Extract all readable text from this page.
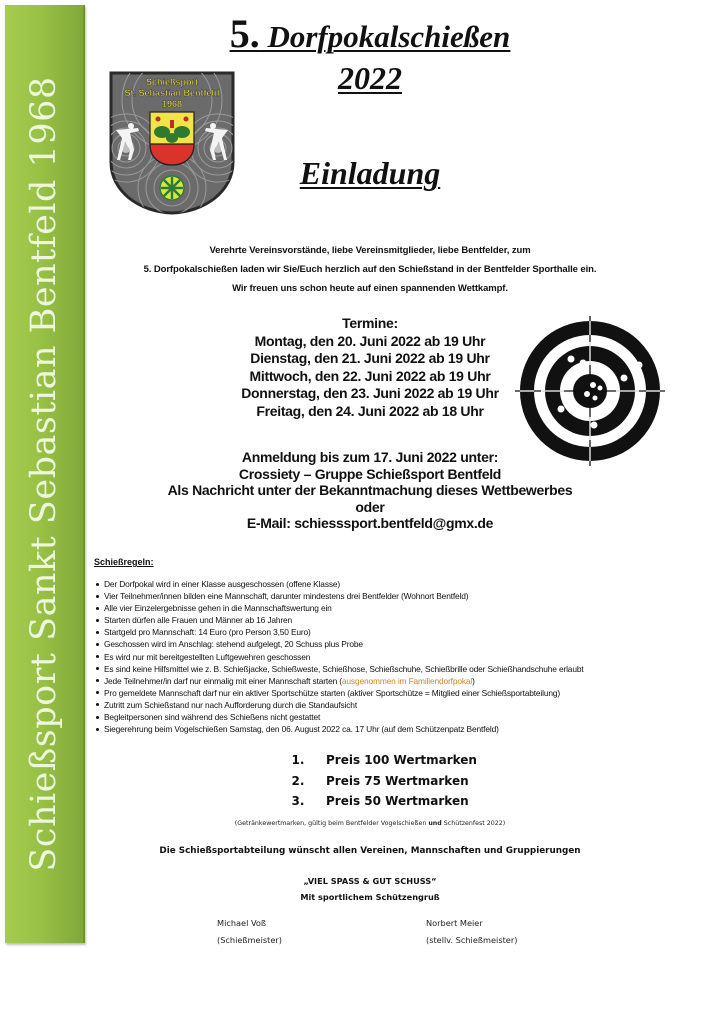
Schießsport Sankt Sebastian Bentfeld 1968
5. Dorfpokalschießen
2022
Einladung
Schießsport
St. Sebastian Bentfeld
1968
Verehrte Vereinsvorstände, liebe Vereinsmitglieder, liebe Bentfelder, zum
5. Dorfpokalschießen laden wir Sie/Euch herzlich auf den Schießstand in der Bentfelder Sporthalle ein.
Wir freuen uns schon heute auf einen spannenden Wettkampf.
Termine:
Montag, den 20. Juni 2022 ab 19 Uhr
Dienstag, den 21. Juni 2022 ab 19 Uhr
Mittwoch, den 22. Juni 2022 ab 19 Uhr
Donnerstag, den 23. Juni 2022 ab 19 Uhr
Freitag, den 24. Juni 2022 ab 18 Uhr
Anmeldung bis zum 17. Juni 2022 unter:
Crossiety – Gruppe Schießsport Bentfeld
Als Nachricht unter der Bekanntmachung dieses Wettbewerbes
oder
E-Mail: schiesssport.bentfeld@gmx.de
Schießregeln:
Der Dorfpokal wird in einer Klasse ausgeschossen (offene Klasse)
Vier Teilnehmer/innen bilden eine Mannschaft, darunter mindestens drei Bentfelder (Wohnort Bentfeld)
Alle vier Einzelergebnisse gehen in die Mannschaftswertung ein
Starten dürfen alle Frauen und Männer ab 16 Jahren
Startgeld pro Mannschaft: 14 Euro (pro Person 3,50 Euro)
Geschossen wird im Anschlag: stehend aufgelegt, 20 Schuss plus Probe
Es wird nur mit bereitgestellten Luftgewehren geschossen
Es sind keine Hilfsmittel wie z. B. Schießjacke, Schießweste, Schießhose, Schießschuhe, Schießbrille oder Schießhandschuhe erlaubt
Jede Teilnehmer/in darf nur einmalig mit einer Mannschaft starten (ausgenommen im Familiendorfpokal)
Pro gemeldete Mannschaft darf nur ein aktiver Sportschütze starten (aktiver Sportschütze = Mitglied einer Schießsportabteilung)
Zutritt zum Schießstand nur nach Aufforderung durch die Standaufsicht
Begleitpersonen sind während des Schießens nicht gestattet
Siegerehrung beim Vogelschießen Samstag, den 06. August 2022 ca. 17 Uhr (auf dem Schützenpatz Bentfeld)
1.	Preis 100 Wertmarken
2.	Preis 75 Wertmarken
3.	Preis 50 Wertmarken
(Getränkewertmarken, gültig beim Bentfelder Vogelschießen und Schützenfest 2022)
Die Schießsportabteilung wünscht allen Vereinen, Mannschaften und Gruppierungen
„VIEL SPASS & GUT SCHUSS“
Mit sportlichem Schützengruß
Michael Voß
(Schießmeister)
Norbert Meier
(stellv. Schießmeister)
